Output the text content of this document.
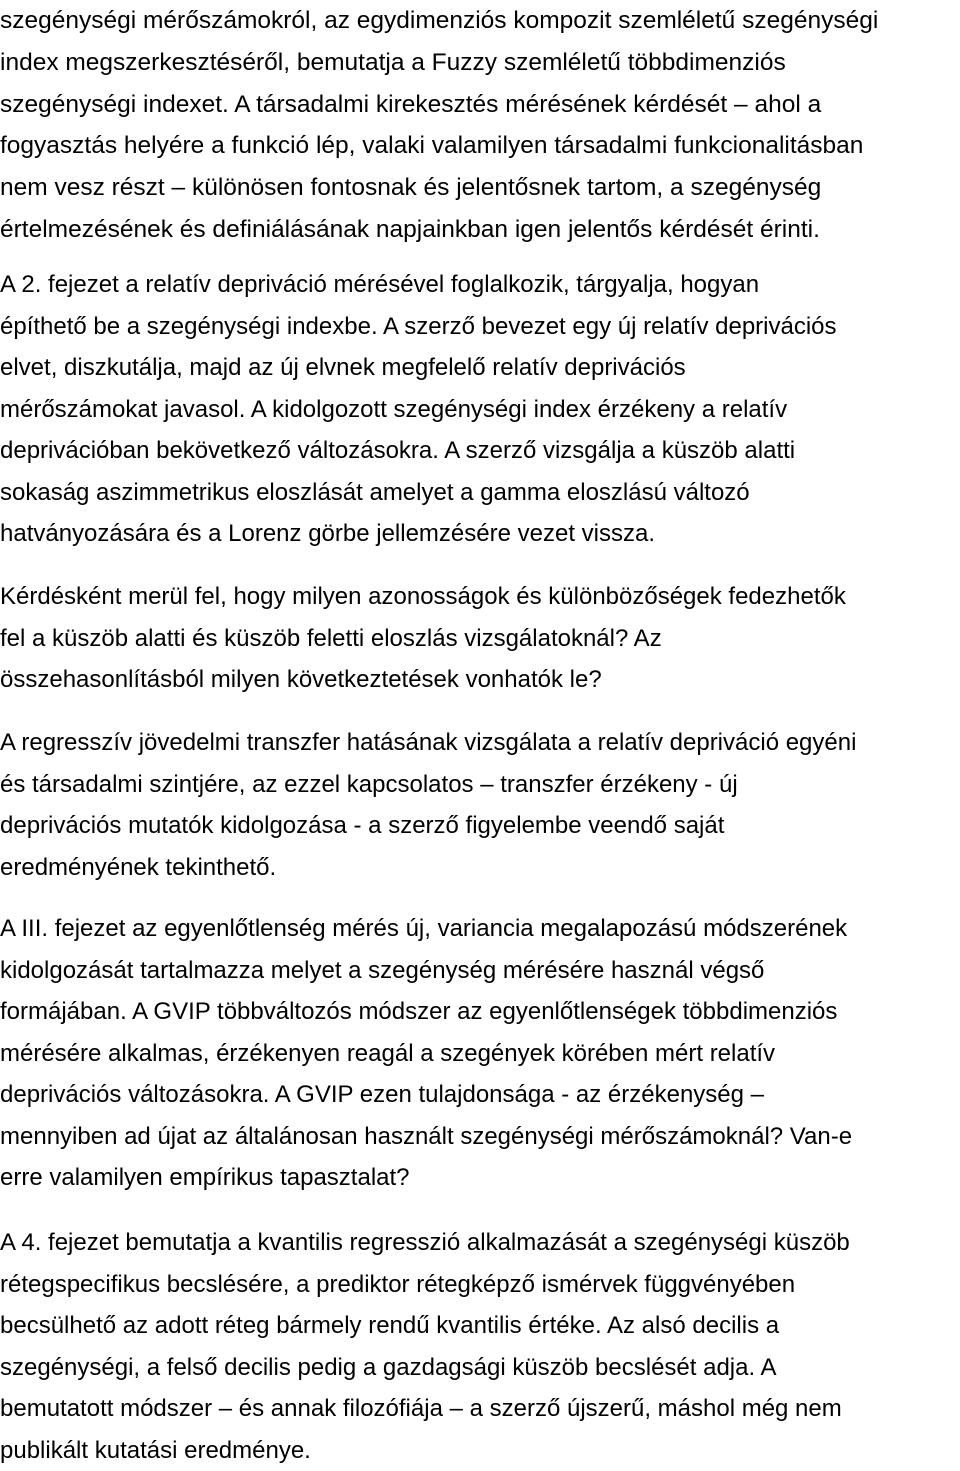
szegénységi mérőszámokról, az egydimenziós kompozit szemléletű szegénységi
index megszerkesztéséről, bemutatja a Fuzzy szemléletű többdimenziós
szegénységi indexet. A társadalmi kirekesztés mérésének kérdését – ahol a
fogyasztás helyére a funkció lép, valaki valamilyen társadalmi funkcionalitásban
nem vesz részt – különösen fontosnak és jelentősnek tartom, a szegénység
értelmezésének és definiálásának napjainkban igen jelentős kérdését érinti.
A 2. fejezet a relatív depriváció mérésével foglalkozik, tárgyalja, hogyan
építhető be a szegénységi indexbe. A szerző bevezet egy új relatív deprivációs
elvet, diszkutálja, majd az új elvnek megfelelő relatív deprivációs
mérőszámokat javasol. A kidolgozott szegénységi index érzékeny a relatív
deprivációban bekövetkező változásokra. A szerző vizsgálja a küszöb alatti
sokaság aszimmetrikus eloszlását amelyet a gamma eloszlású változó
hatványozására és a Lorenz görbe jellemzésére vezet vissza.
Kérdésként merül fel, hogy milyen azonosságok és különbözőségek fedezhetők
fel a küszöb alatti és küszöb feletti eloszlás vizsgálatoknál? Az
összehasonlításból milyen következtetések vonhatók le?
A regresszív jövedelmi transzfer hatásának vizsgálata a relatív depriváció egyéni
és társadalmi szintjére, az ezzel kapcsolatos – transzfer érzékeny - új
deprivációs mutatók kidolgozása - a szerző figyelembe veendő saját
eredményének tekinthető.
A III. fejezet az egyenlőtlenség mérés új, variancia megalapozású módszerének
kidolgozását tartalmazza melyet a szegénység mérésére használ végső
formájában. A GVIP többváltozós módszer az egyenlőtlenségek többdimenziós
mérésére alkalmas, érzékenyen reagál a szegények körében mért relatív
deprivációs változásokra. A GVIP ezen tulajdonsága - az érzékenység –
mennyiben ad újat az általánosan használt szegénységi mérőszámoknál? Van-e
erre valamilyen empírikus tapasztalat?
A 4. fejezet bemutatja a kvantilis regresszió alkalmazását a szegénységi küszöb
rétegspecifikus becslésére, a prediktor rétegképző ismérvek függvényében
becsülhető az adott réteg bármely rendű kvantilis értéke. Az alsó decilis a
szegénységi, a felső decilis pedig a gazdagsági küszöb becslését adja. A
bemutatott módszer – és annak filozófiája – a szerző újszerű, máshol még nem
publikált kutatási eredménye.
